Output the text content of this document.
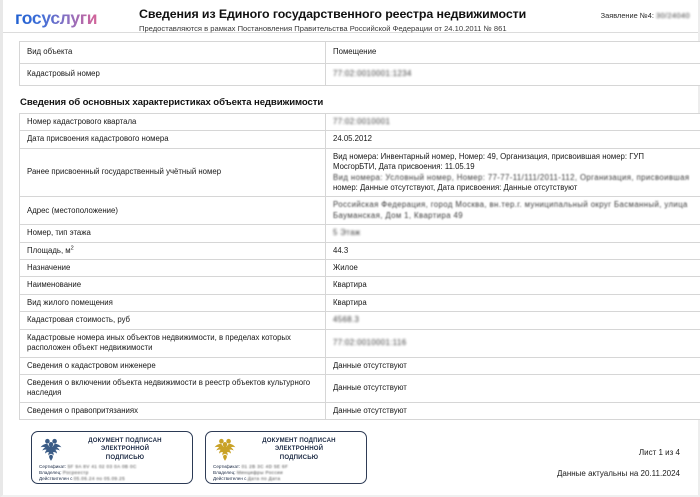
госуслуги	Сведения из Единого государственного реестра недвижимости
Предоставляются в рамках Постановления Правительства Российской Федерации от 24.10.2011 № 861
Заявление №4: 30/24040
Вид объекта	Помещение
Кадастровый номер	77:02:0010001:1234
Сведения об основных характеристиках объекта недвижимости
Номер кадастрового квартала	77:02:0010001
Дата присвоения кадастрового номера	24.05.2012
Ранее присвоенный государственный учётный номер	Вид номера: Инвентарный номер, Номер: 49, Организация, присвоившая номер: ГУП
МосгорБТИ, Дата присвоения: 11.05.19
Вид номера: Условный номер, Номер: 77-77-11/111/2011-112, Организация, присвоившая
номер: Данные отсутствуют, Дата присвоения: Данные отсутствуют

Адрес (местоположение)	Российская Федерация, город Москва, вн.тер.г. муниципальный округ Басманный, улицаБауманская, Дом 1, Квартира 49
Номер, тип этажа	5 Этаж
Площадь, $м^2$	44.3
Назначение	Жилое
Наименование	Квартира
Вид жилого помещения	Квартира
Кадастровая стоимость, руб	4568.3
Кадастровые номера иных объектов недвижимости, в пределах которых расположен объект недвижимости	77:02:0010001:116
Сведения о кадастровом инженере	Данные отсутствуют
Сведения о включении объекта недвижимости в реестр объектов культурного наследия	Данные отсутствуют
Сведения о правопритязаниях	Данные отсутствуют
ДОКУМЕНТ ПОДПИСАН
ЭЛЕКТРОННОЙ
ПОДПИСЬЮ
Сертификат: 5F 9A 8V 41 02 03 0A 0B 0C
Владелец: Росреестр
Действителен с 05.06.24 по 05.09.25
ДОКУМЕНТ ПОДПИСАН
ЭЛЕКТРОННОЙ
ПОДПИСЬЮ
Сертификат: 01 2B 3C 4D 5E 6F
Владелец: Минцифры России
Действителен с Дата по Дата
Лист 1 из 4
Данные актуальны на 20.11.2024
